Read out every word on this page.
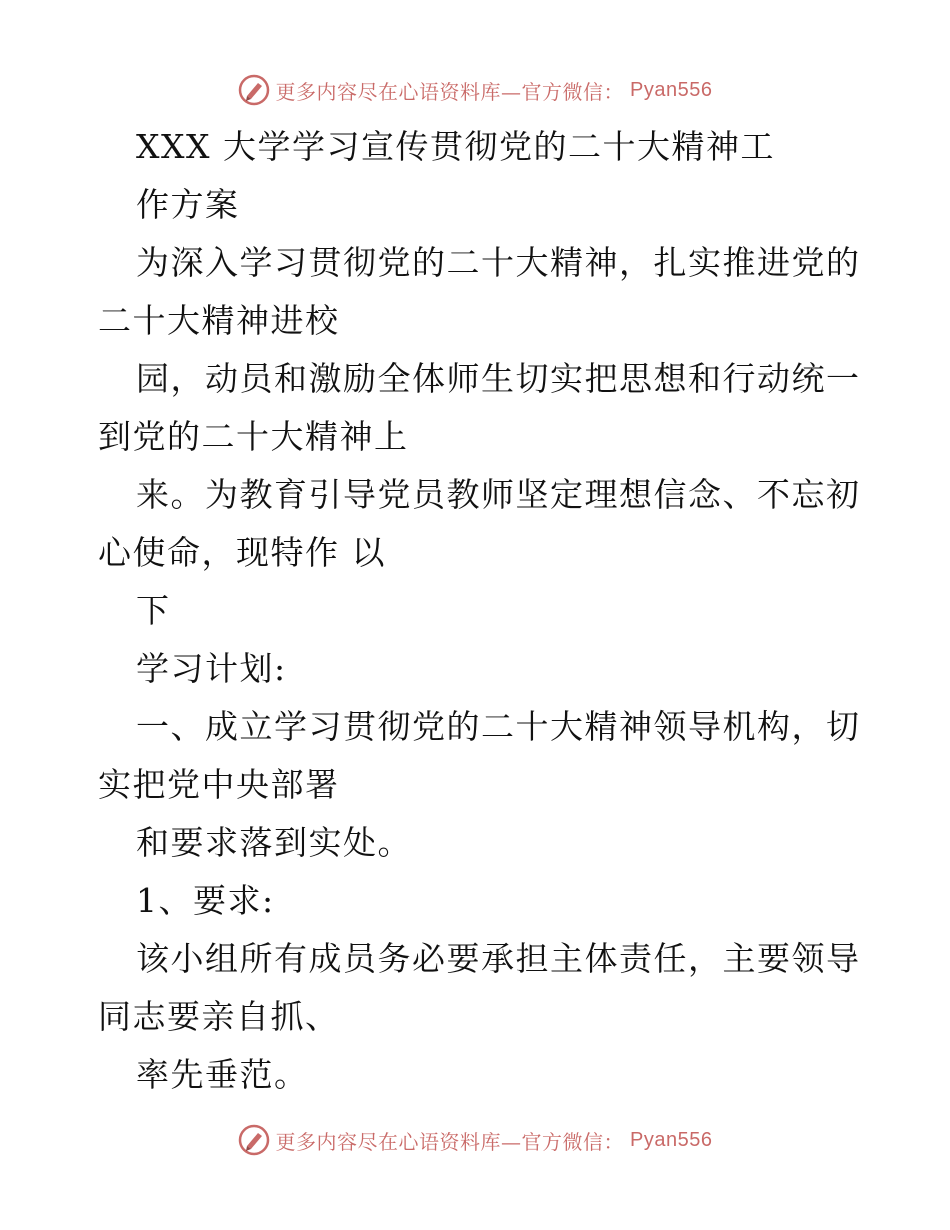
更多内容尽在心语资料库—官方微信： Pyan556
XXX 大学学习宣传贯彻党的二十大精神工
作方案
为深入学习贯彻党的二十大精神，扎实推进党的
二十大精神进校
园，动员和激励全体师生切实把思想和行动统一
到党的二十大精神上
来。为教育引导党员教师坚定理想信念、不忘初
心使命，现特作 以
下
学习计划:
一、成立学习贯彻党的二十大精神领导机构，切
实把党中央部署
和要求落到实处。
1、要求:
该小组所有成员务必要承担主体责任，主要领导
同志要亲自抓、
率先垂范。
更多内容尽在心语资料库—官方微信： Pyan556
